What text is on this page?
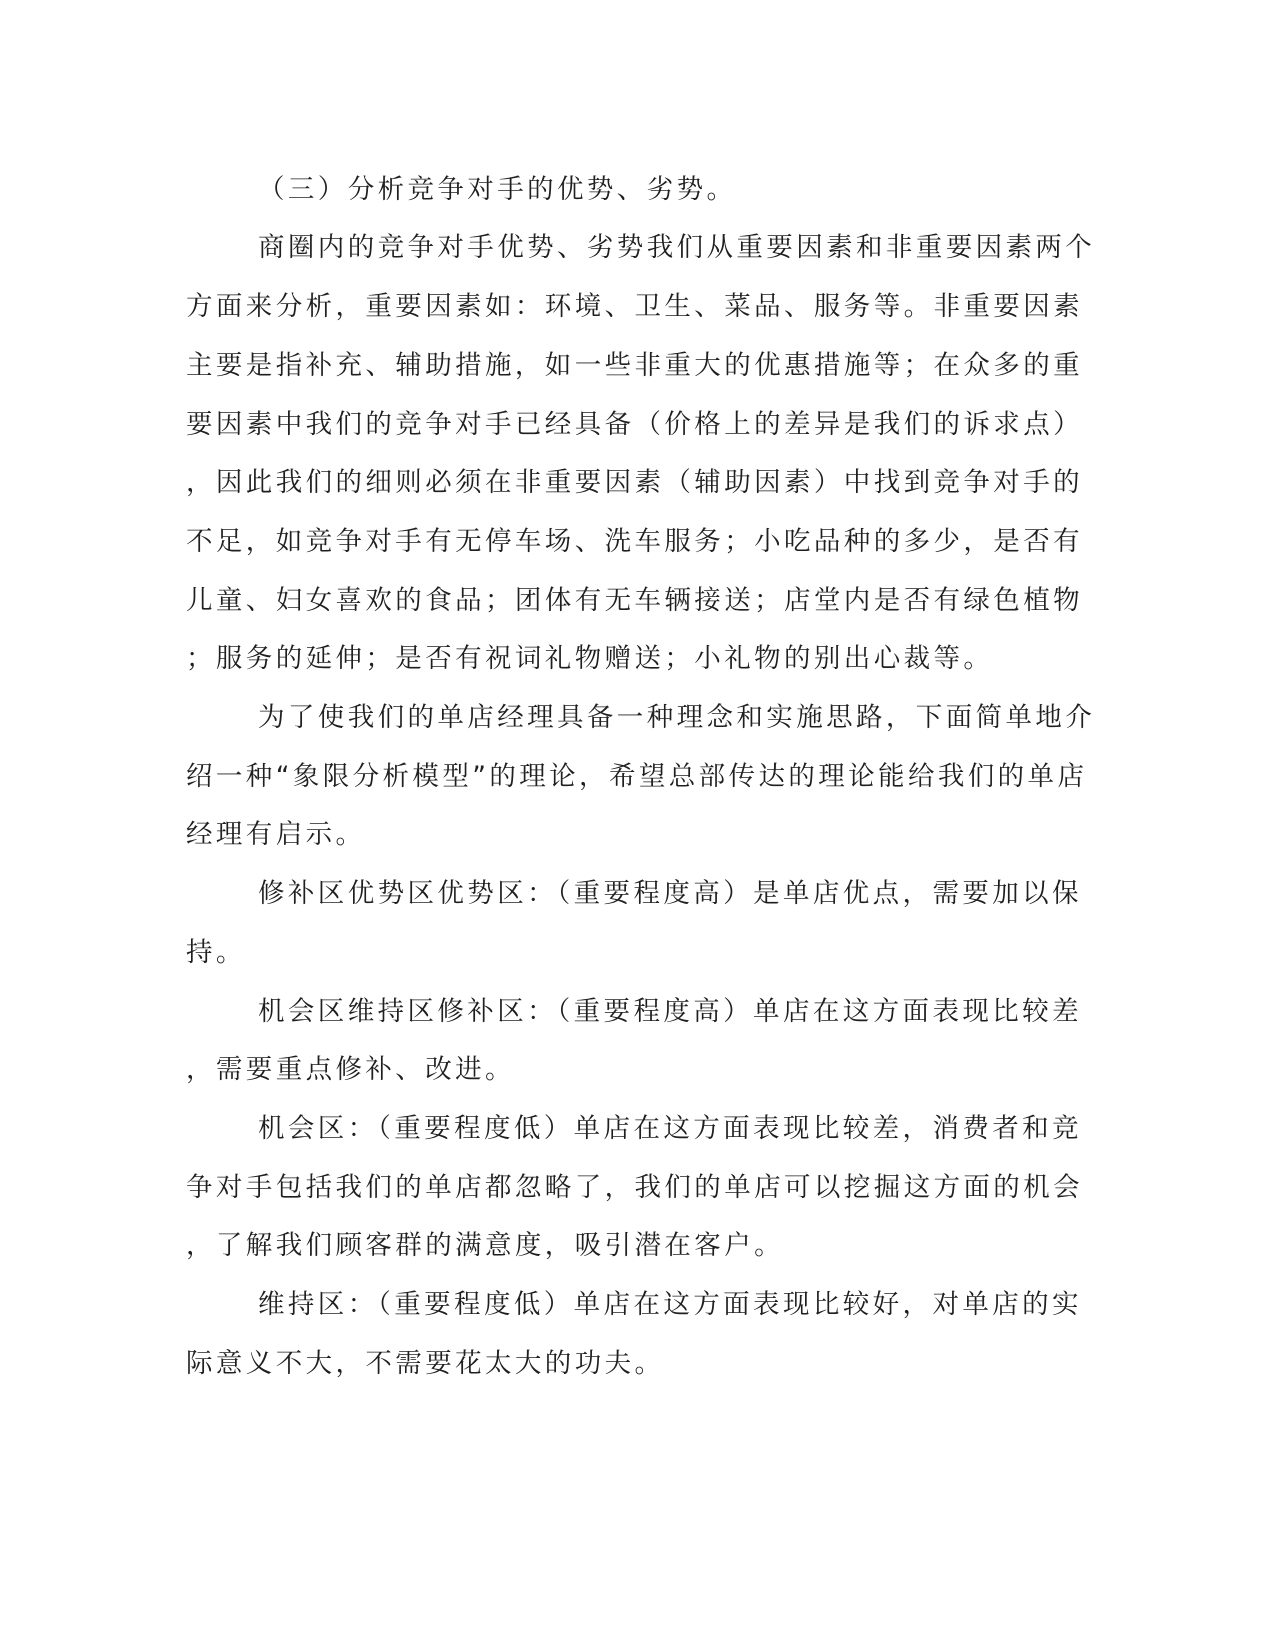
（三）分析竞争对手的优势、劣势。
商圈内的竞争对手优势、劣势我们从重要因素和非重要因素两个
方面来分析，重要因素如：环境、卫生、菜品、服务等。非重要因素
主要是指补充、辅助措施，如一些非重大的优惠措施等；在众多的重
要因素中我们的竞争对手已经具备（价格上的差异是我们的诉求点）
，因此我们的细则必须在非重要因素（辅助因素）中找到竞争对手的
不足，如竞争对手有无停车场、洗车服务；小吃品种的多少，是否有
儿童、妇女喜欢的食品；团体有无车辆接送；店堂内是否有绿色植物
；服务的延伸；是否有祝词礼物赠送；小礼物的别出心裁等。
为了使我们的单店经理具备一种理念和实施思路，下面简单地介
绍一种“象限分析模型”的理论，希望总部传达的理论能给我们的单店
经理有启示。
修补区优势区优势区：（重要程度高）是单店优点，需要加以保
持。
机会区维持区修补区：（重要程度高）单店在这方面表现比较差
，需要重点修补、改进。
机会区：（重要程度低）单店在这方面表现比较差，消费者和竞
争对手包括我们的单店都忽略了，我们的单店可以挖掘这方面的机会
，了解我们顾客群的满意度，吸引潜在客户。
维持区：（重要程度低）单店在这方面表现比较好，对单店的实
际意义不大，不需要花太大的功夫。
